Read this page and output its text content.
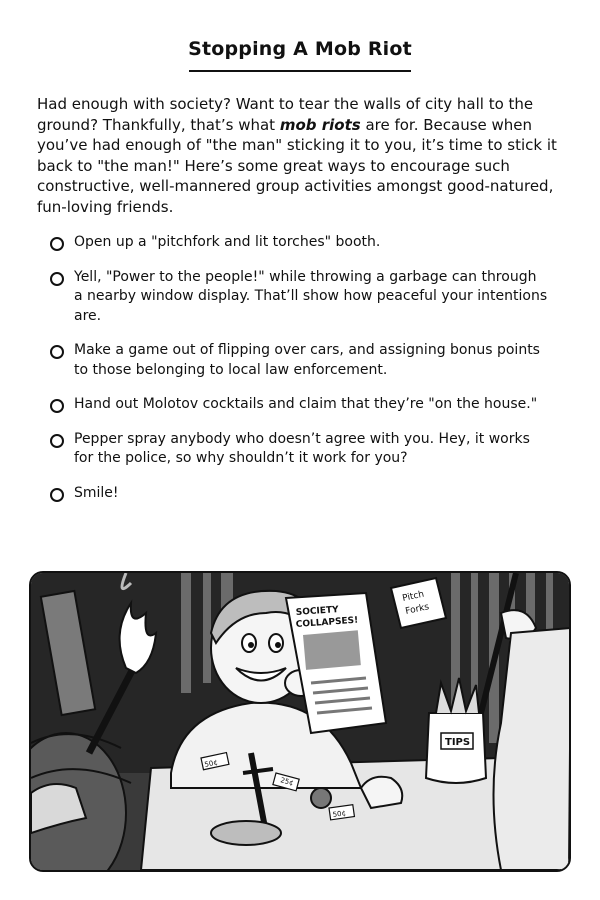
Stopping A Mob Riot

Had enough with society? Want to tear the walls of city hall to the ground? Thankfully, that’s what mob riots are for. Because when you’ve had enough of "the man" sticking it to you, it’s time to stick it back to "the man!" Here’s some great ways to encourage such constructive, well-mannered group activities amongst good-natured, fun-loving friends.

Open up a "pitchfork and lit torches" booth.
Yell, "Power to the people!" while throwing a garbage can through a nearby window display. That’ll show how peaceful your intentions are.
Make a game out of flipping over cars, and assigning bonus points to those belonging to local law enforcement.
Hand out Molotov cocktails and claim that they’re "on the house."
Pepper spray anybody who doesn’t agree with you. Hey, it works for the police, so why shouldn’t it work for you?
Smile!
SOCIETY
COLLAPSES!
Pitch
Forks
TIPS
50¢
50¢
25¢
